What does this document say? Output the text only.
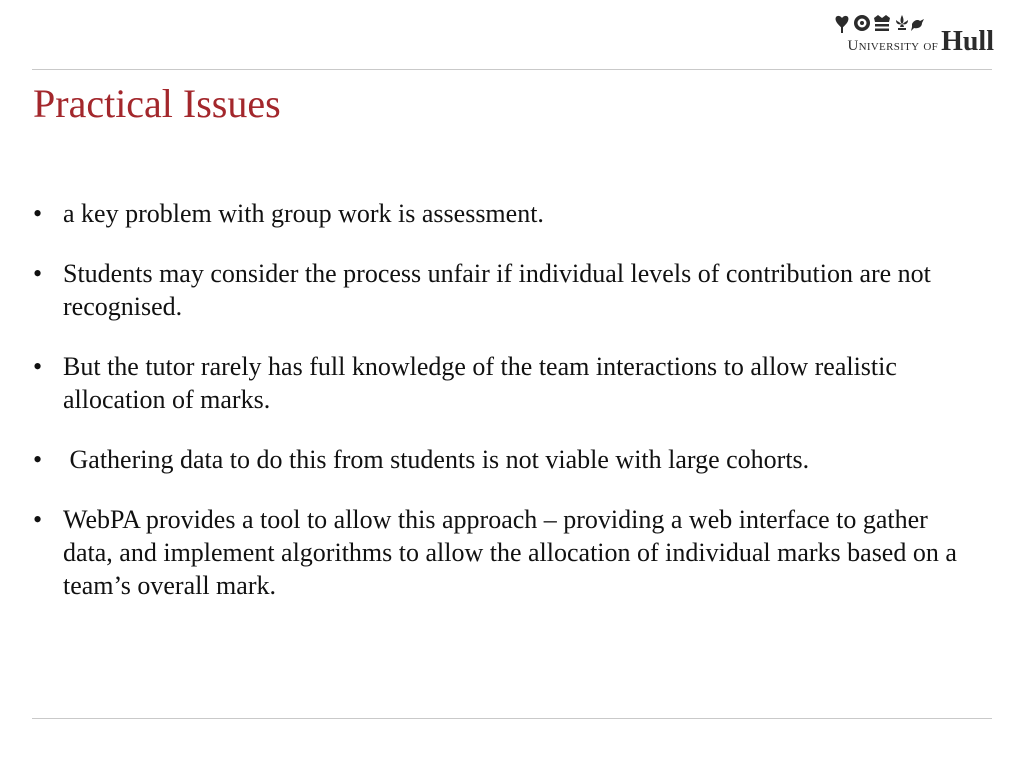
University of Hull
Practical Issues
• a key problem with group work is assessment.
• Students may consider the process unfair if individual levels of contribution are not recognised.
• But the tutor rarely has full knowledge of the team interactions to allow realistic allocation of marks.
• Gathering data to do this from students is not viable with large cohorts.
• WebPA provides a tool to allow this approach – providing a web interface to gather data, and implement algorithms to allow the allocation of individual marks based on a team’s overall mark.
